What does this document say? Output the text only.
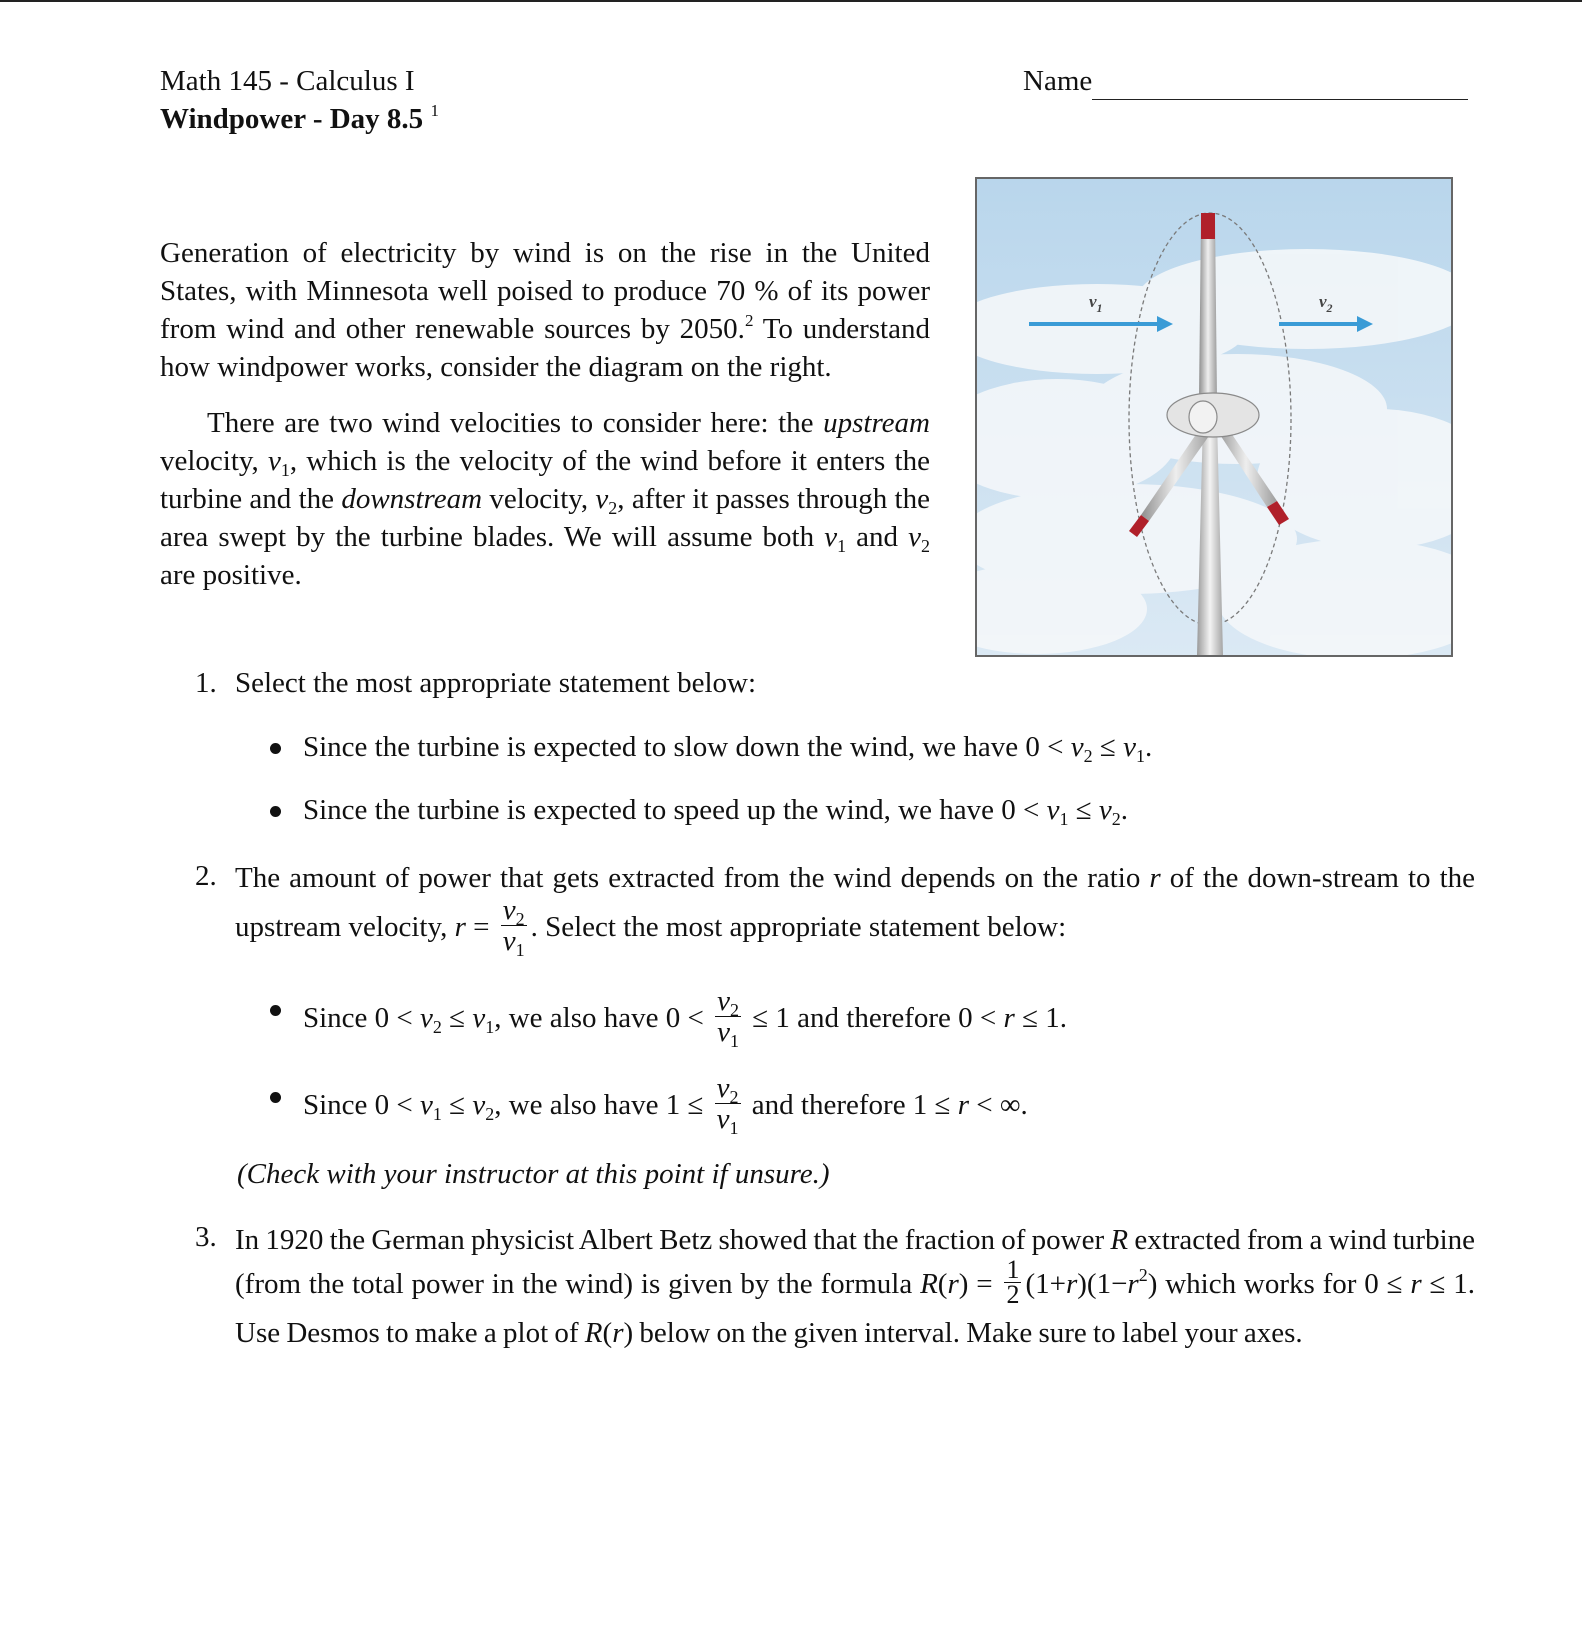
Math 145 - Calculus I
Windpower - Day 8.5 $^1$
Name

Generation of electricity by wind is on the rise in the United States, with Minnesota well poised to produce 70 % of its power from wind and other renewable sources by 2050.$^2$ To understand how windpower works, consider the diagram on the right.

There are two wind velocities to consider here: the upstream velocity, $v_1$, which is the velocity of the wind before it enters the turbine and the downstream velocity, $v_2$, after it passes through the area swept by the turbine blades. We will assume both $v_1$ and $v_2$ are positive.

$v_1$	$v_2$
1. Select the most appropriate statement below:
Since the turbine is expected to slow down the wind, we have $0 < v_2 \le v_1$.
Since the turbine is expected to speed up the wind, we have $0 < v_1 \le v_2$.
2. The amount of power that gets extracted from the wind depends on the ratio r of the down-stream to the upstream velocity, $r = \frac{v_2}{v_1}$ . Select the most appropriate statement below:
Since $0 < v_2 \le v_1$, we also have $0 < \frac{v_2}{v_1} \le 1$ and therefore 0 < r ≤ 1.
Since $0 < v_1 \le v_2$, we also have $1 \le \frac{v_2}{v_1}$ and therefore 1 ≤ r < ∞.
(Check with your instructor at this point if unsure.)
3. In 1920 the German physicist Albert Betz showed that the fraction of power R extracted from a wind turbine (from the total power in the wind) is given by the formula $R(r) = \frac{1}{2} (1+r)(1-r^2)$ which works for 0 ≤ r ≤ 1. Use Desmos to make a plot of R(r) below on the given interval. Make sure to label your axes.
